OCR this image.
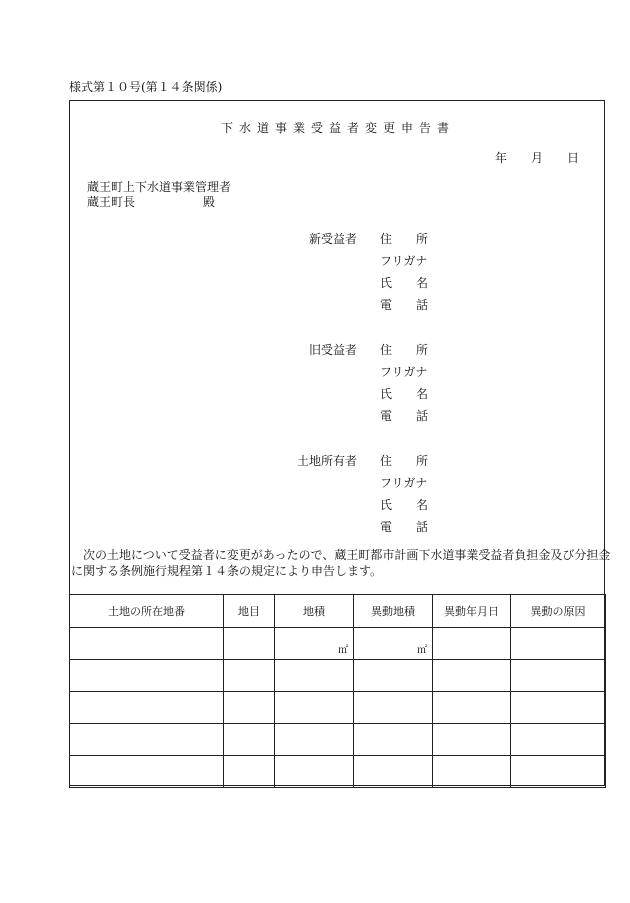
様式第１０号(第１４条関係)
下水道事業受益者変更申告書
年 月 日
蔵王町上下水道事業管理者
蔵王町長	殿
新受益者 住所
フリガナ
氏名
電話
旧受益者 住所
フリガナ
氏名
電話
土地所有者 住所
フリガナ
氏名
電話
次の土地について受益者に変更があったので、蔵王町都市計画下水道事業受益者負担金及び分担金
に関する条例施行規程第１４条の規定により申告します。
土地の所在地番	地目	地積	異動地積	異動年月日	異動の原因

		㎡	㎡		
